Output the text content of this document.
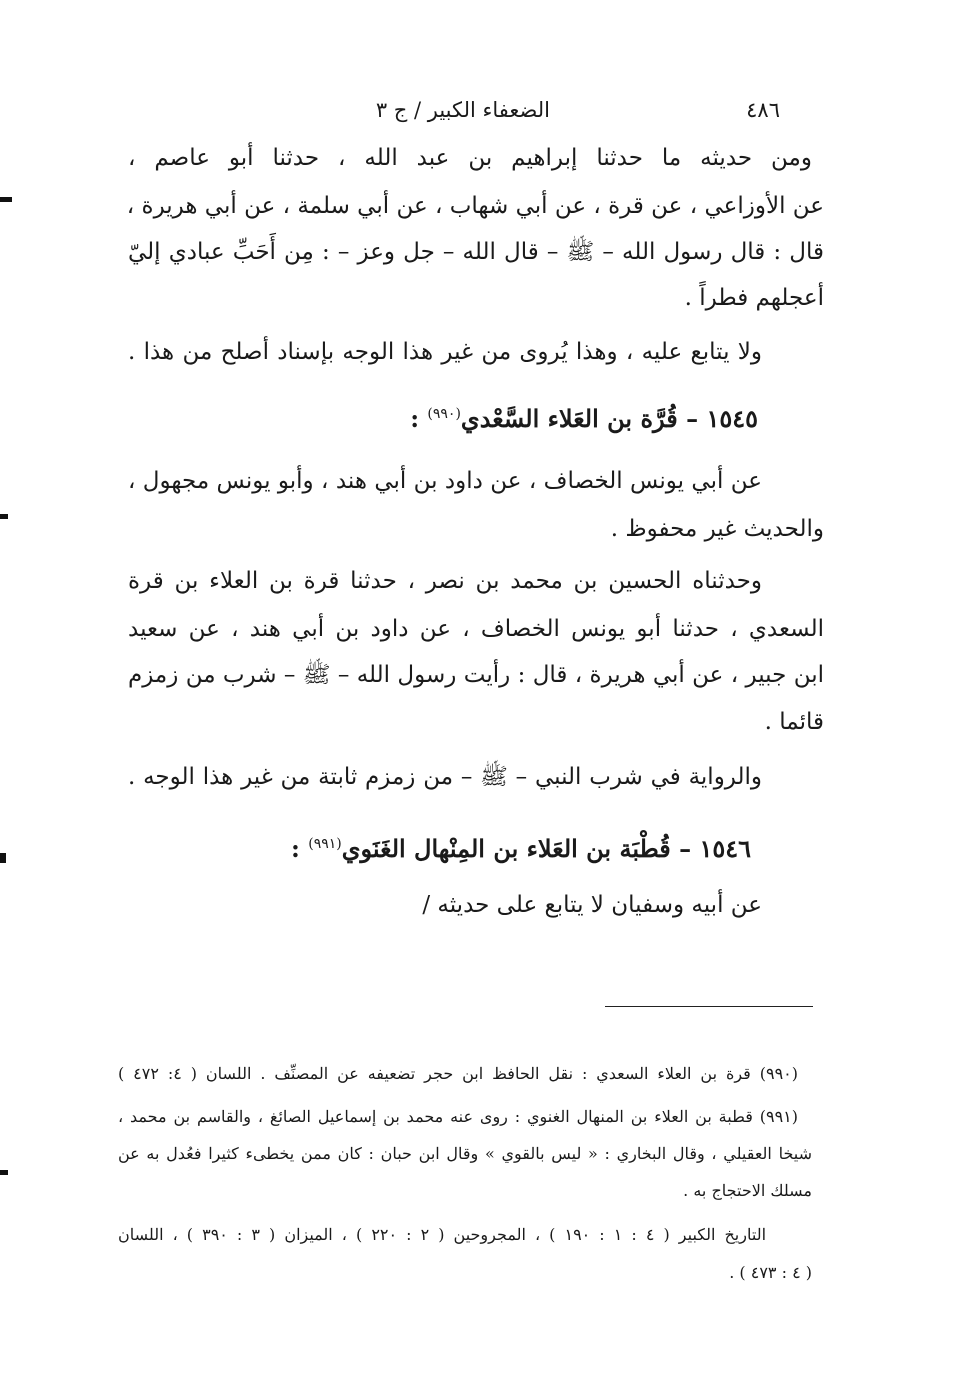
٤٨٦
الضعفاء الكبير / ج ٣
ومن حديثه ما حدثنا إبراهيم بن عبد الله ، حدثنا أبو عاصم ،
عن الأوزاعي ، عن قرة ، عن أبي شهاب ، عن أبي سلمة ، عن أبي هريرة ،
قال : قال رسول الله – ﷺ – قال الله – جل وعز – : مِن أَحَبِّ عبادي إليّ
أعجلهم فطراً .
ولا يتابع عليه ، وهذا يُروى من غير هذا الوجه بإسناد أصلح من هذا .
١٥٤٥ – قُرَّة بن العَلاء السَّعْدي$^{(٩٩٠)}$ :
عن أبي يونس الخصاف ، عن داود بن أبي هند ، وأبو يونس مجهول ،
والحديث غير محفوظ .
وحدثناه الحسين بن محمد بن نصر ، حدثنا قرة بن العلاء بن قرة
السعدي ، حدثنا أبو يونس الخصاف ، عن داود بن أبي هند ، عن سعيد
ابن جبير ، عن أبي هريرة ، قال : رأيت رسول الله – ﷺ – شرب من زمزم
قائما .
والرواية في شرب النبي – ﷺ – من زمزم ثابتة من غير هذا الوجه .
١٥٤٦ – قُطْبَة بن العَلاء بن المِنْهال الغَنَوي$^{(٩٩١)}$ :
عن أبيه وسفيان لا يتابع على حديثه /
(٩٩٠) قرة بن العلاء السعدي : نقل الحافظ ابن حجر تضعيفه عن المصنِّف . اللسان ( ٤: ٤٧٢ )
(٩٩١) قطبة بن العلاء بن المنهال الغنوي : روى عنه محمد بن إسماعيل الصائغ ، والقاسم بن محمد ،
شيخا العقيلي ، وقال البخاري : « ليس بالقوي » وقال ابن حبان : كان ممن يخطىء كثيرا فعُدل به عن
مسلك الاحتجاج به .
التاريخ الكبير ( ٤ : ١ : ١٩٠ ) ، المجروحين ( ٢ : ٢٢٠ ) ، الميزان ( ٣ : ٣٩٠ ) ، اللسان
( ٤ : ٤٧٣ ) .
